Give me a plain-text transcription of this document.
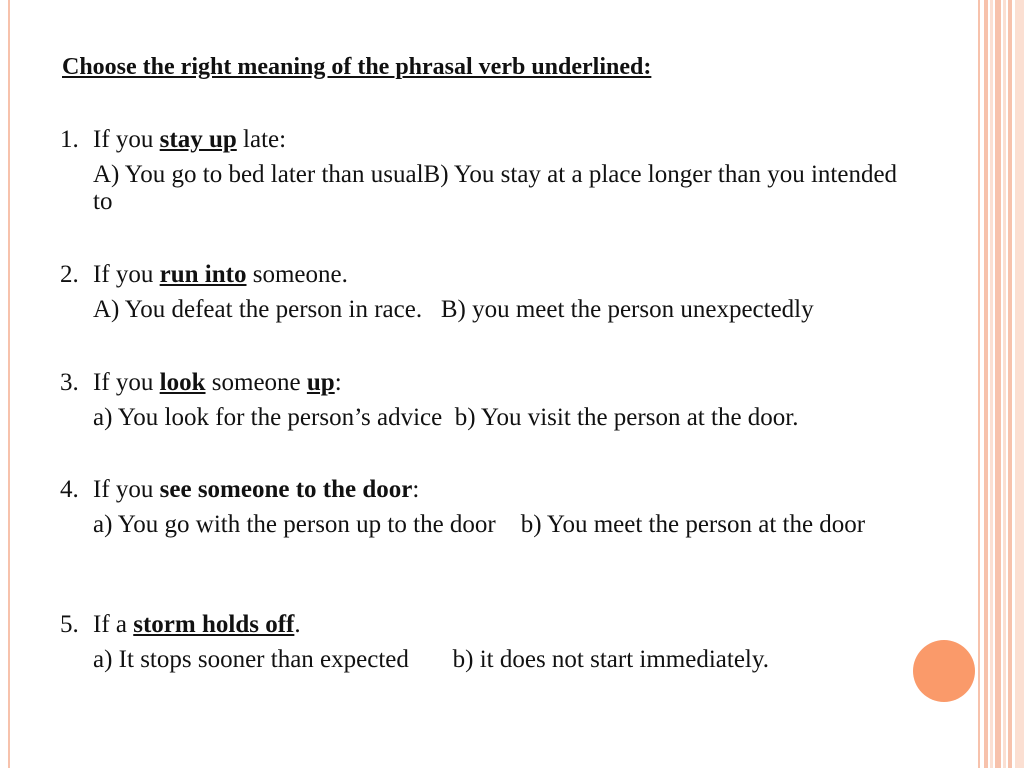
Choose the right meaning of the phrasal verb underlined:
1. If you stay up late:
A) You go to bed later than usualB) You stay at a place longer than you intended to
2. If you run into someone.
A) You defeat the person in race. B) you meet the person unexpectedly
3. If you look someone up:
a) You look for the person’s advice b) You visit the person at the door.
4. If you see someone to the door:
a) You go with the person up to the door b) You meet the person at the door
5. If a storm holds off.
a) It stops sooner than expected b) it does not start immediately.
